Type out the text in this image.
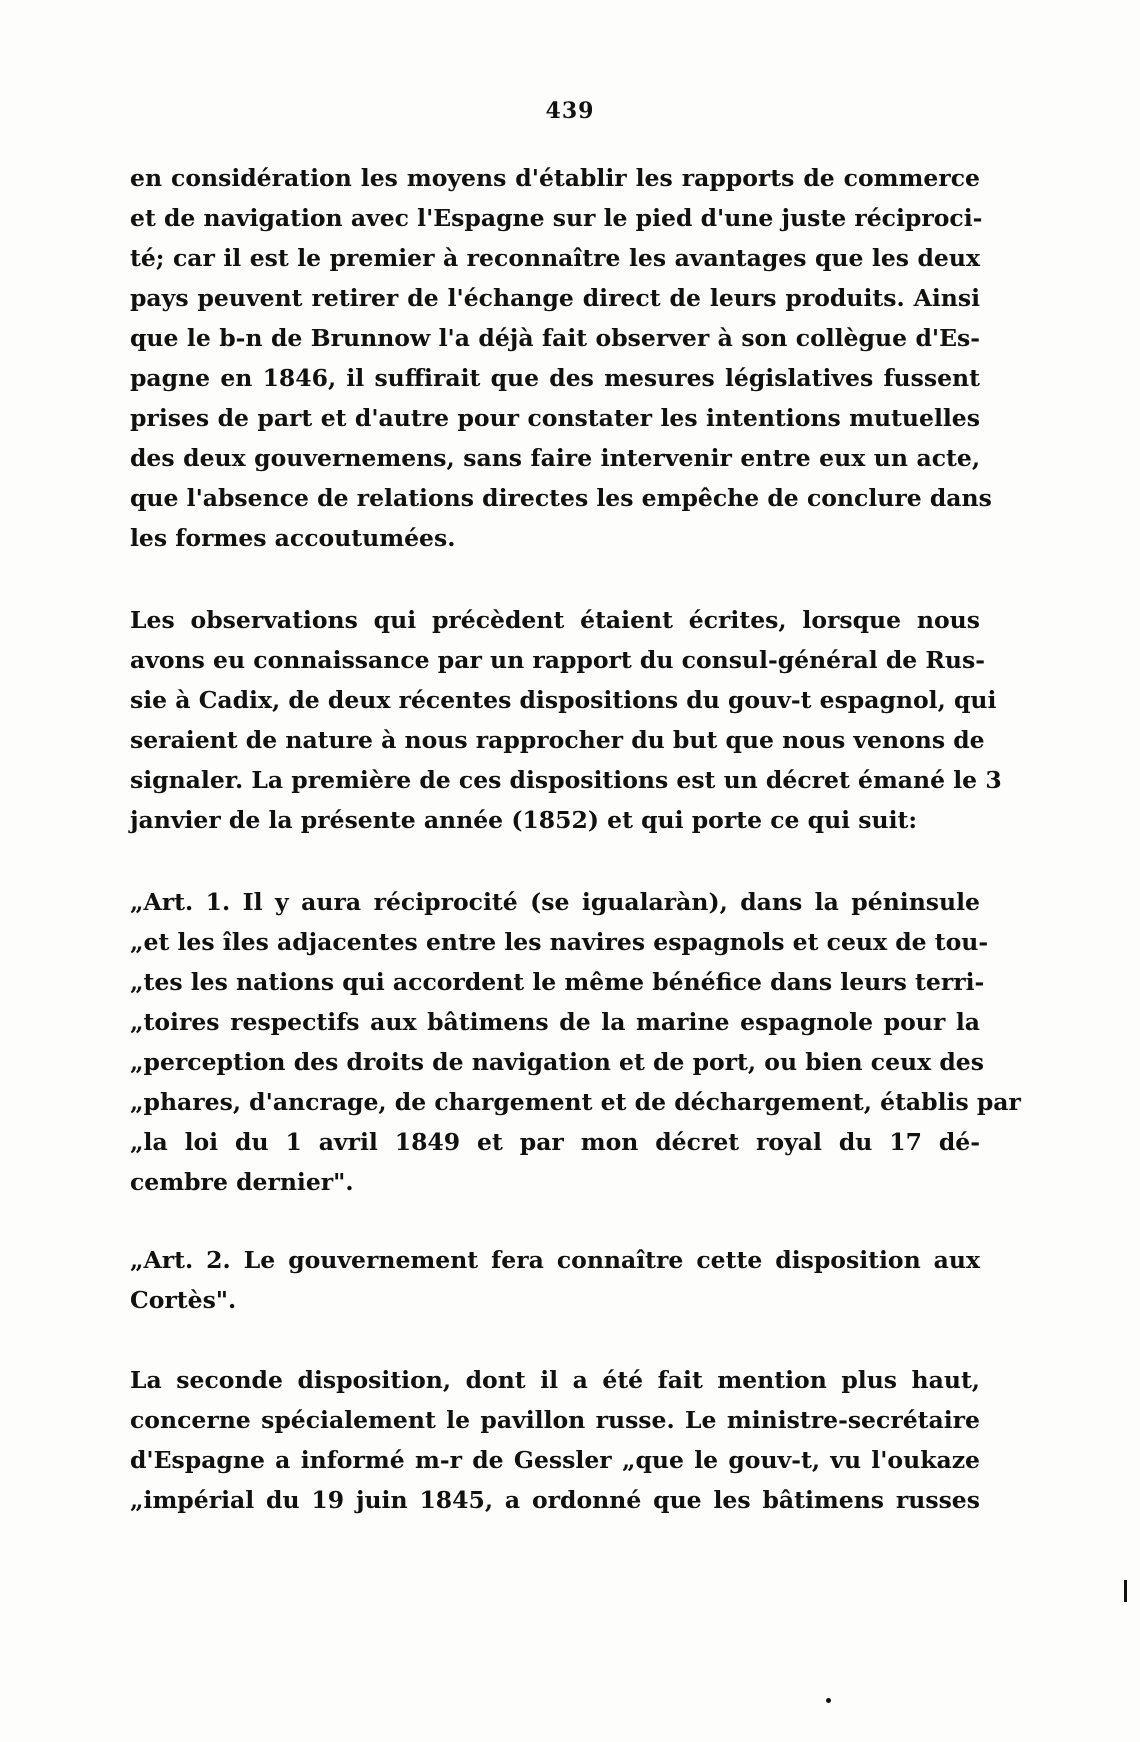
439

en considération les moyens d'établir les rapports de commerce
et de navigation avec l'Espagne sur le pied d'une juste réciproci-
té; car il est le premier à reconnaître les avantages que les deux
pays peuvent retirer de l'échange direct de leurs produits. Ainsi
que le b-n de Brunnow l'a déjà fait observer à son collègue d'Es-
pagne en 1846, il suffirait que des mesures législatives fussent
prises de part et d'autre pour constater les intentions mutuelles
des deux gouvernemens, sans faire intervenir entre eux un acte,
que l'absence de relations directes les empêche de conclure dans
les formes accoutumées.

Les observations qui précèdent étaient écrites, lorsque nous
avons eu connaissance par un rapport du consul-général de Rus-
sie à Cadix, de deux récentes dispositions du gouv-t espagnol, qui
seraient de nature à nous rapprocher du but que nous venons de
signaler. La première de ces dispositions est un décret émané le 3
janvier de la présente année (1852) et qui porte ce qui suit:

„Art. 1. Il y aura réciprocité (se igualaràn), dans la péninsule
„et les îles adjacentes entre les navires espagnols et ceux de tou-
„tes les nations qui accordent le même bénéfice dans leurs terri-
„toires respectifs aux bâtimens de la marine espagnole pour la
„perception des droits de navigation et de port, ou bien ceux des
„phares, d'ancrage, de chargement et de déchargement, établis par
„la loi du 1 avril 1849 et par mon décret royal du 17 dé-
cembre dernier".

„Art. 2. Le gouvernement fera connaître cette disposition aux
Cortès".

La seconde disposition, dont il a été fait mention plus haut,
concerne spécialement le pavillon russe. Le ministre-secrétaire
d'Espagne a informé m-r de Gessler „que le gouv-t, vu l'oukaze
„impérial du 19 juin 1845, a ordonné que les bâtimens russes
